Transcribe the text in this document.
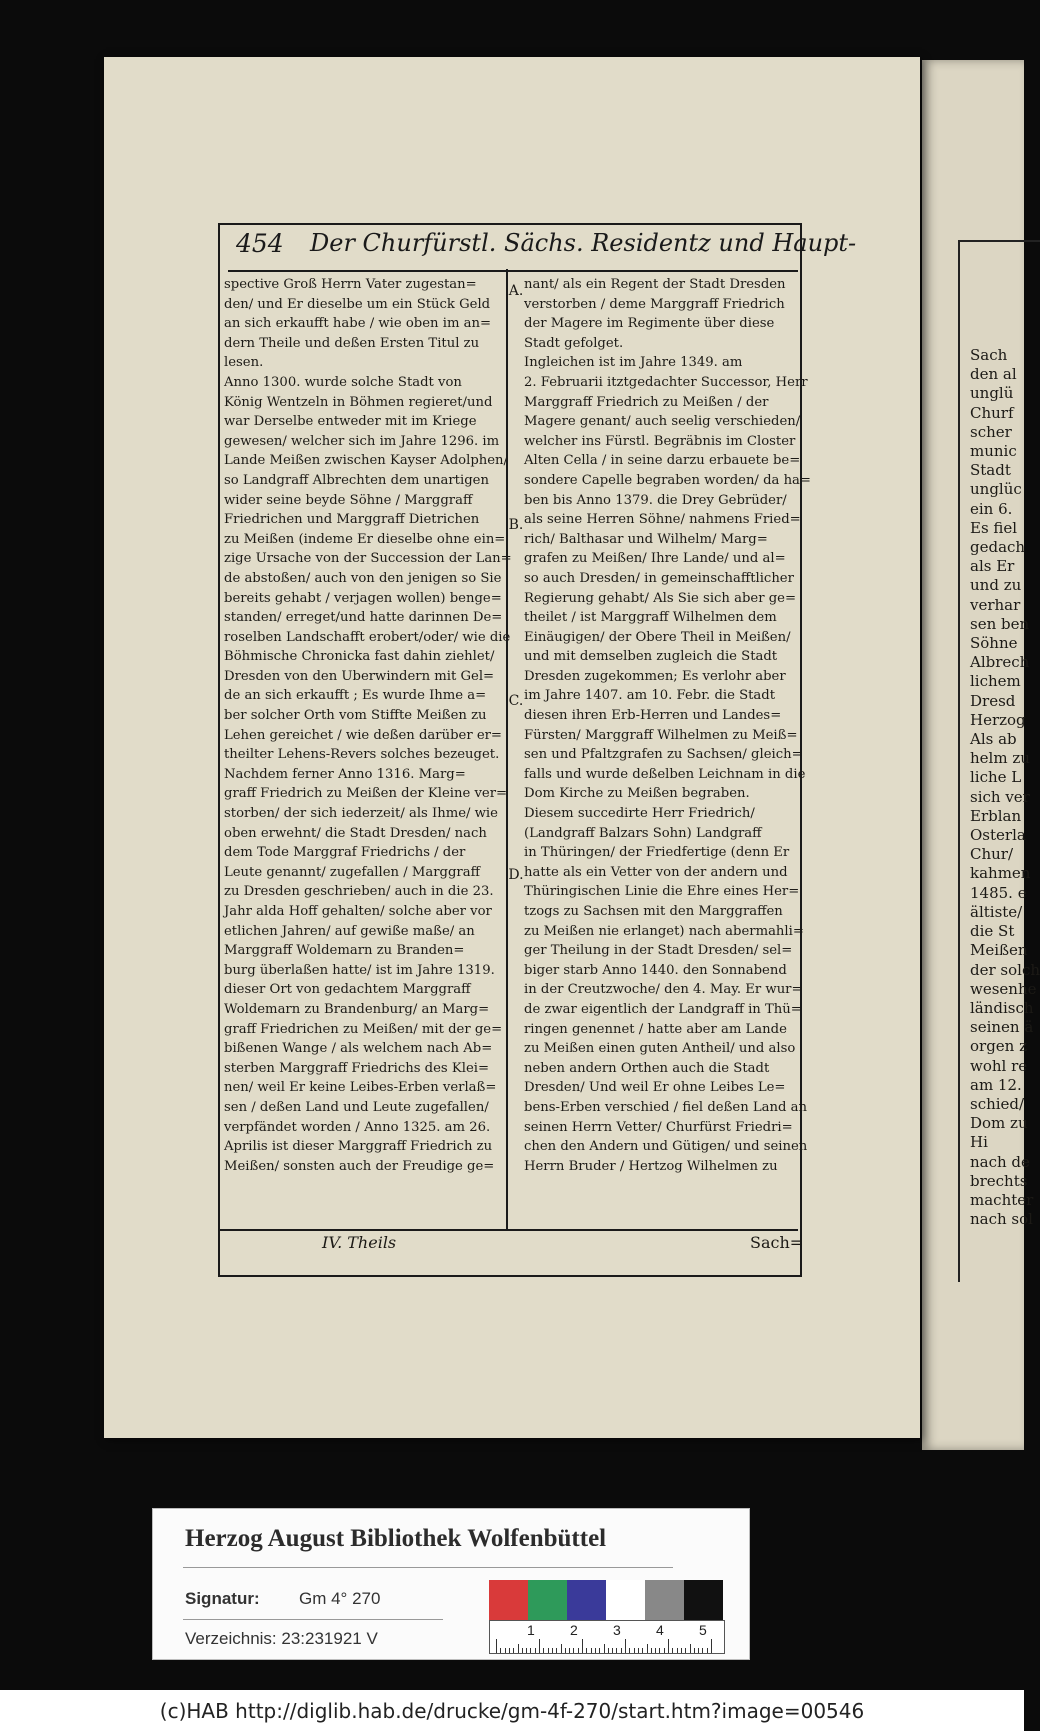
Sach
den al
unglü
Churf
scher
munic
Stadt
unglüc
ein 6.
Es fiel
gedach
als Er
und zu
verhar
sen ben
Söhne
Albrech
lichem
Dresd
Herzog
Als ab
helm zu
liche L
sich ver
Erblan
Osterla
Chur/
kahmen
1485. e
ältiste/
die St
Meißen
der solch
wesenhe
ländisch
seinen ä
orgen z
wohl re
am 12.
schied/
Dom zu
Hi
nach de
brechts
machter
nach sol
454 Der Churfürstl. Sächs. Residentz und Haupt-
spective Groß Herrn Vater zugestan=
den/ und Er dieselbe um ein Stück Geld
an sich erkaufft habe / wie oben im an=
dern Theile und deßen Ersten Titul zu
lesen.
Anno 1300. wurde solche Stadt von
König Wentzeln in Böhmen regieret/und
war Derselbe entweder mit im Kriege
gewesen/ welcher sich im Jahre 1296. im
Lande Meißen zwischen Kayser Adolphen/
so Landgraff Albrechten dem unartigen
wider seine beyde Söhne / Marggraff
Friedrichen und Marggraff Dietrichen
zu Meißen (indeme Er dieselbe ohne ein=
zige Ursache von der Succession der Lan=
de abstoßen/ auch von den jenigen so Sie
bereits gehabt / verjagen wollen) benge=
standen/ erreget/und hatte darinnen De=
roselben Landschafft erobert/oder/ wie die
Böhmische Chronicka fast dahin ziehlet/
Dresden von den Uberwindern mit Gel=
de an sich erkaufft ; Es wurde Ihme a=
ber solcher Orth vom Stiffte Meißen zu
Lehen gereichet / wie deßen darüber er=
theilter Lehens-Revers solches bezeuget.
Nachdem ferner Anno 1316. Marg=
graff Friedrich zu Meißen der Kleine ver=
storben/ der sich iederzeit/ als Ihme/ wie
oben erwehnt/ die Stadt Dresden/ nach
dem Tode Marggraf Friedrichs / der
Leute genannt/ zugefallen / Marggraff
zu Dresden geschrieben/ auch in die 23.
Jahr alda Hoff gehalten/ solche aber vor
etlichen Jahren/ auf gewiße maße/ an
Marggraff Woldemarn zu Branden=
burg überlaßen hatte/ ist im Jahre 1319.
dieser Ort von gedachtem Marggraff
Woldemarn zu Brandenburg/ an Marg=
graff Friedrichen zu Meißen/ mit der ge=
bißenen Wange / als welchem nach Ab=
sterben Marggraff Friedrichs des Klei=
nen/ weil Er keine Leibes-Erben verlaß=
sen / deßen Land und Leute zugefallen/
verpfändet worden / Anno 1325. am 26.
Aprilis ist dieser Marggraff Friedrich zu
Meißen/ sonsten auch der Freudige ge=
A.
B.
C.
D.
nant/ als ein Regent der Stadt Dresden
verstorben / deme Marggraff Friedrich
der Magere im Regimente über diese
Stadt gefolget.
Ingleichen ist im Jahre 1349. am
2. Februarii itztgedachter Successor, Herr
Marggraff Friedrich zu Meißen / der
Magere genant/ auch seelig verschieden/
welcher ins Fürstl. Begräbnis im Closter
Alten Cella / in seine darzu erbauete be=
sondere Capelle begraben worden/ da ha=
ben bis Anno 1379. die Drey Gebrüder/
als seine Herren Söhne/ nahmens Fried=
rich/ Balthasar und Wilhelm/ Marg=
grafen zu Meißen/ Ihre Lande/ und al=
so auch Dresden/ in gemeinschafftlicher
Regierung gehabt/ Als Sie sich aber ge=
theilet / ist Marggraff Wilhelmen dem
Einäugigen/ der Obere Theil in Meißen/
und mit demselben zugleich die Stadt
Dresden zugekommen; Es verlohr aber
im Jahre 1407. am 10. Febr. die Stadt
diesen ihren Erb-Herren und Landes=
Fürsten/ Marggraff Wilhelmen zu Meiß=
sen und Pfaltzgrafen zu Sachsen/ gleich=
falls und wurde deßelben Leichnam in die
Dom Kirche zu Meißen begraben.
Diesem succedirte Herr Friedrich/
(Landgraff Balzars Sohn) Landgraff
in Thüringen/ der Friedfertige (denn Er
hatte als ein Vetter von der andern und
Thüringischen Linie die Ehre eines Her=
tzogs zu Sachsen mit den Marggraffen
zu Meißen nie erlanget) nach abermahli=
ger Theilung in der Stadt Dresden/ sel=
biger starb Anno 1440. den Sonnabend
in der Creutzwoche/ den 4. May. Er wur=
de zwar eigentlich der Landgraff in Thü=
ringen genennet / hatte aber am Lande
zu Meißen einen guten Antheil/ und also
neben andern Orthen auch die Stadt
Dresden/ Und weil Er ohne Leibes Le=
bens-Erben verschied / fiel deßen Land an
seinen Herrn Vetter/ Churfürst Friedri=
chen den Andern und Gütigen/ und seinen
Herrn Bruder / Hertzog Wilhelmen zu
IV. Theils	Sach=
Herzog August Bibliothek Wolfenbüttel
Signatur: Gm 4° 270
Verzeichnis: 23:231921 V	1	2	3	4	5
(c)HAB http://diglib.hab.de/drucke/gm-4f-270/start.htm?image=00546
